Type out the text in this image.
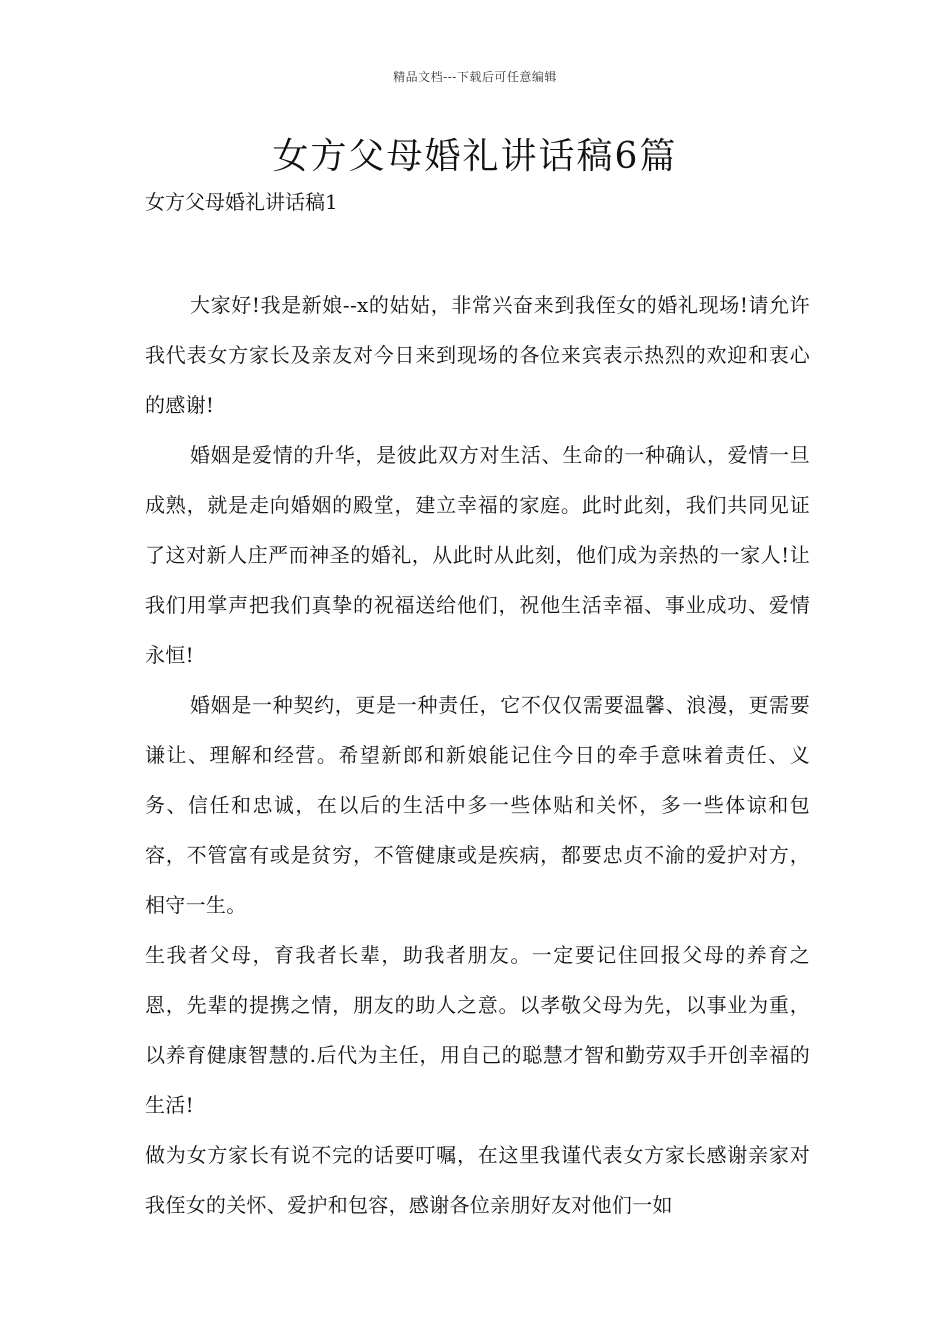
精品文档---下载后可任意编辑
女方父母婚礼讲话稿6篇
女方父母婚礼讲话稿1

大家好!我是新娘--x的姑姑，非常兴奋来到我侄女的婚礼现场!请允许我代表女方家长及亲友对今日来到现场的各位来宾表示热烈的欢迎和衷心的感谢!

婚姻是爱情的升华，是彼此双方对生活、生命的一种确认，爱情一旦成熟，就是走向婚姻的殿堂，建立幸福的家庭。此时此刻，我们共同见证了这对新人庄严而神圣的婚礼，从此时从此刻，他们成为亲热的一家人!让我们用掌声把我们真挚的祝福送给他们，祝他生活幸福、事业成功、爱情永恒!

婚姻是一种契约，更是一种责任，它不仅仅需要温馨、浪漫，更需要谦让、理解和经营。希望新郎和新娘能记住今日的牵手意味着责任、义务、信任和忠诚，在以后的生活中多一些体贴和关怀，多一些体谅和包容，不管富有或是贫穷，不管健康或是疾病，都要忠贞不渝的爱护对方，相守一生。

生我者父母，育我者长辈，助我者朋友。一定要记住回报父母的养育之恩，先辈的提携之情，朋友的助人之意。以孝敬父母为先，以事业为重，以养育健康智慧的.后代为主任，用自己的聪慧才智和勤劳双手开创幸福的生活!

做为女方家长有说不完的话要叮嘱，在这里我谨代表女方家长感谢亲家对我侄女的关怀、爱护和包容，感谢各位亲朋好友对他们一如
